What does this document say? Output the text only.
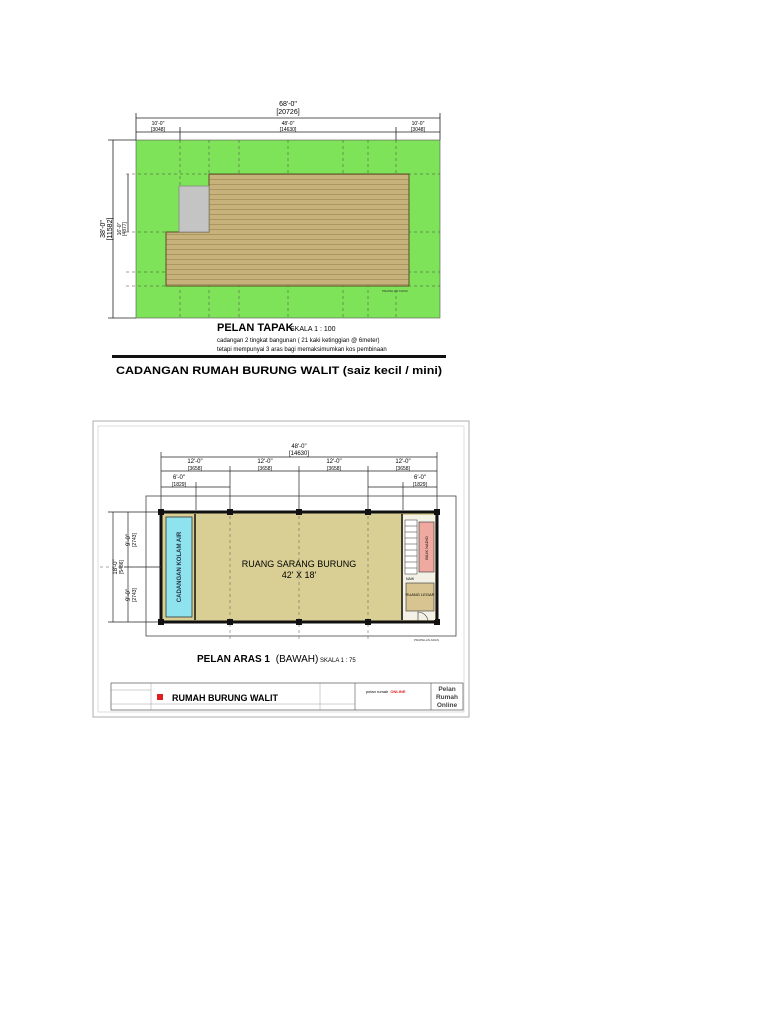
68'-0"
[20726]
10'-0"
[3048]
48'-0"
[14630]
10'-0"
[3048]
PRAPELAN TAPAK
38'-0" [11582] 16'-0" [4877]
PELAN TAPAK
SKALA 1 : 100
cadangan 2 tingkat bangunan ( 21 kaki ketinggian @ 6meter)
tetapi mempunyai 3 aras bagi memaksimumkan kos pembinaan
CADANGAN RUMAH BURUNG WALIT (saiz kecil / mini)
48'-0"
[14630]
12'-0"
[3658]
12'-0"
[3658]
12'-0"
[3658]
12'-0"
[3658]
6'-0"
[1829]
6'-0"
[1829]
18'-0" [5486]
9'-0" [2743]
9'-0" [2743]
BILIK NADIO
NAIK
RUANG LEGAR
CADANGAN KOLAM AIR	RUANG SARANG BURUNG
42' X 18'
PRAPELAN ARAS
PELAN ARAS 1 (BAWAH) SKALA 1 : 75
RUMAH BURUNG WALIT
pelan rumah ONLINE	Pelan
Rumah
Online
